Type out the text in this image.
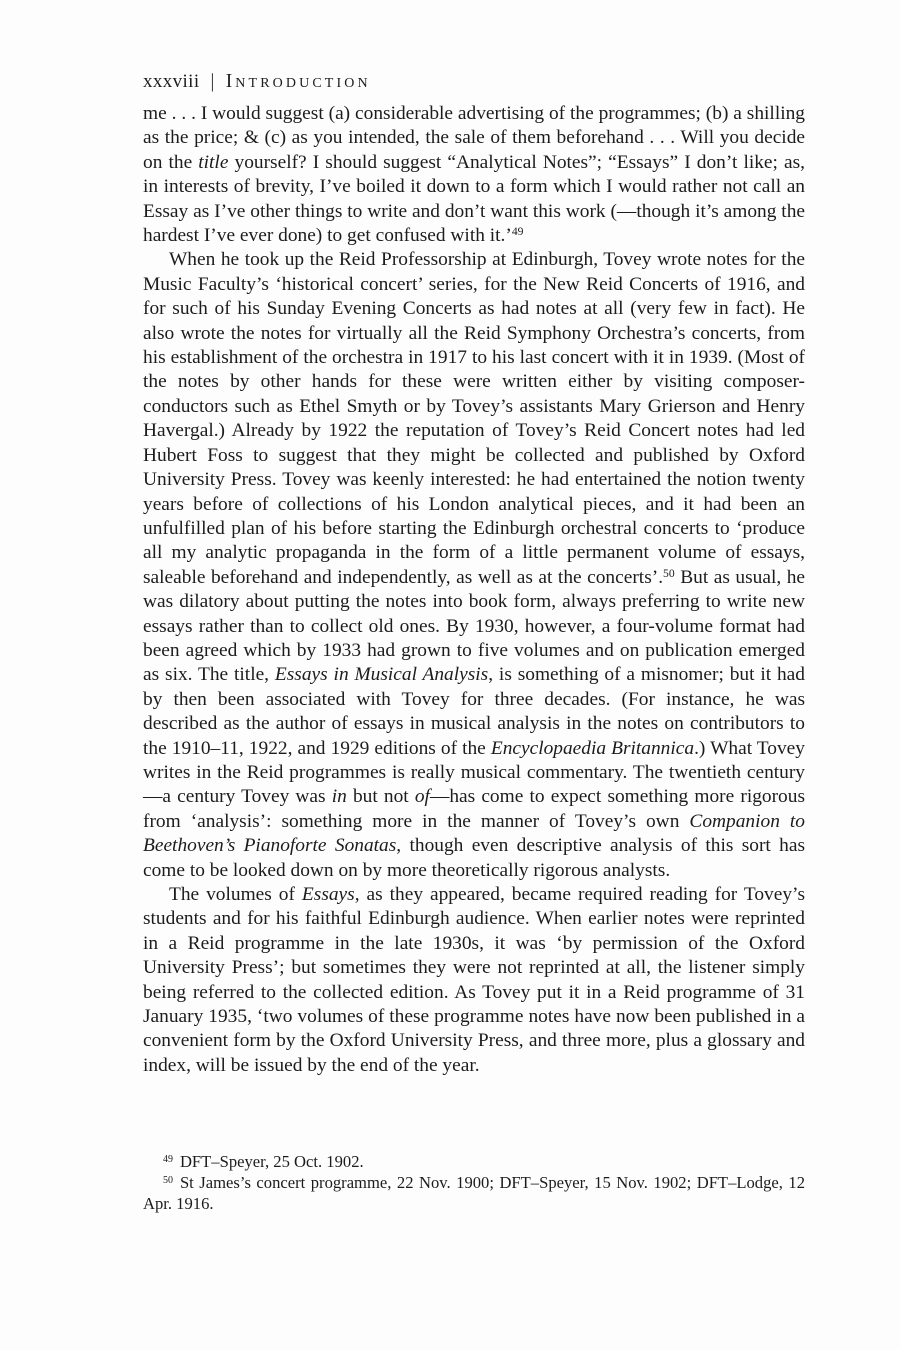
xxxviii | Introduction

me . . . I would suggest (a) considerable advertising of the programmes; (b) a shilling as the price; & (c) as you intended, the sale of them beforehand . . . Will you decide on the title yourself? I should suggest “Analytical Notes”; “Essays” I don’t like; as, in interests of brevity, I’ve boiled it down to a form which I would rather not call an Essay as I’ve other things to write and don’t want this work (—though it’s among the hardest I’ve ever done) to get confused with it.’$^{49}$

When he took up the Reid Professorship at Edinburgh, Tovey wrote notes for the Music Faculty’s ‘historical concert’ series, for the New Reid Concerts of 1916, and for such of his Sunday Evening Concerts as had notes at all (very few in fact). He also wrote the notes for virtually all the Reid Symphony Orchestra’s concerts, from his establishment of the orchestra in 1917 to his last concert with it in 1939. (Most of the notes by other hands for these were written either by visiting composer-conductors such as Ethel Smyth or by Tovey’s assistants Mary Grierson and Henry Havergal.) Already by 1922 the reputation of Tovey’s Reid Concert notes had led Hubert Foss to suggest that they might be collected and published by Oxford University Press. Tovey was keenly interested: he had entertained the notion twenty years before of collections of his London analytical pieces, and it had been an unfulfilled plan of his before starting the Edinburgh orchestral concerts to ‘produce all my analytic propaganda in the form of a little permanent volume of essays, saleable beforehand and independently, as well as at the concerts’.$^{50}$ But as usual, he was dilatory about putting the notes into book form, always preferring to write new essays rather than to collect old ones. By 1930, however, a four-volume format had been agreed which by 1933 had grown to five volumes and on publication emerged as six. The title, Essays in Musical Analysis, is something of a misnomer; but it had by then been associated with Tovey for three decades. (For instance, he was described as the author of essays in musical analysis in the notes on contributors to the 1910–11, 1922, and 1929 editions of the Encyclopaedia Britannica.) What Tovey writes in the Reid programmes is really musical commentary. The twentieth century—a century Tovey was in but not of—has come to expect something more rigorous from ‘analysis’: something more in the manner of Tovey’s own Companion to Beethoven’s Pianoforte Sonatas, though even descriptive analysis of this sort has come to be looked down on by more theoretically rigorous analysts.

The volumes of Essays, as they appeared, became required reading for Tovey’s students and for his faithful Edinburgh audience. When earlier notes were reprinted in a Reid programme in the late 1930s, it was ‘by permission of the Oxford University Press’; but sometimes they were not reprinted at all, the listener simply being referred to the collected edition. As Tovey put it in a Reid programme of 31 January 1935, ‘two volumes of these programme notes have now been published in a convenient form by the Oxford University Press, and three more, plus a glossary and index, will be issued by the end of the year.

$^{49}$ DFT–Speyer, 25 Oct. 1902.

$^{50}$ St James’s concert programme, 22 Nov. 1900; DFT–Speyer, 15 Nov. 1902; DFT–Lodge, 12 Apr. 1916.
